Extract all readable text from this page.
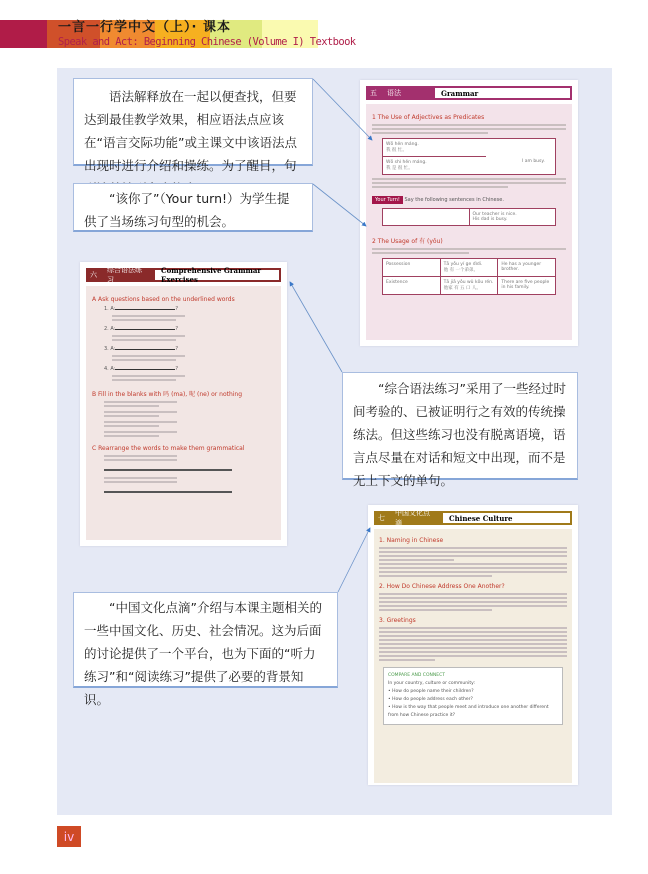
一言一行学中文（上）· 课本
Speak and Act: Beginning Chinese (Volume I) Textbook

语法解释放在一起以便查找，但要达到最佳教学效果，相应语法点应该在“语言交际功能”或主课文中该语法点出现时进行介绍和操练。为了醒目，句

“该你了”（Your turn!）为学生提供了当场练习句型的机会。

“综合语法练习”采用了一些经过时间考验的、已被证明行之有效的传统操练法。但这些练习也没有脱离语境，语言点尽量在对话和短文中出现，而不是无上下文的单句。

“中国文化点滴”介绍与本课主题相关的一些中国文化、历史、社会情况。这为后面的讨论提供了一个平台，也为下面的“听力练习”和“阅读练习”提供了必要的背景知识。

五	语法	Grammar
1 The Use of Adjectives as Predicates
Wǒ hěn máng.
我 很 忙。
Wǒ shì hěn máng.
我 是 很 忙。
I am busy.
Your Turn! Say the following sentences in Chinese.
Our teacher is nice.
His dad is busy.
2 The Usage of 有 (yǒu)
Possession	Tā yǒu yí ge dìdi.
他 有 一个弟弟。
He has a younger brother.
Existence	Tā jiā yǒu wǔ kǒu rén.
他家 有 五 口 人。
There are five people in his family.
六
综合语法练习
Comprehensive Grammar Exercises
A Ask questions based on the underlined words
1. A:	?
2. A:	?
3. A:	?
4. A:	?
B Fill in the blanks with 吗 (ma), 呢 (ne) or nothing
C Rearrange the words to make them grammatical
七
中国文化点滴
Chinese Culture
1. Naming in Chinese
2. How Do Chinese Address One Another?
3. Greetings
COMPARE AND CONNECT
In your country, culture or community:
• How do people name their children?
• How do people address each other?
• How is the way that people meet and introduce one another different from how Chinese practice it?
iv
